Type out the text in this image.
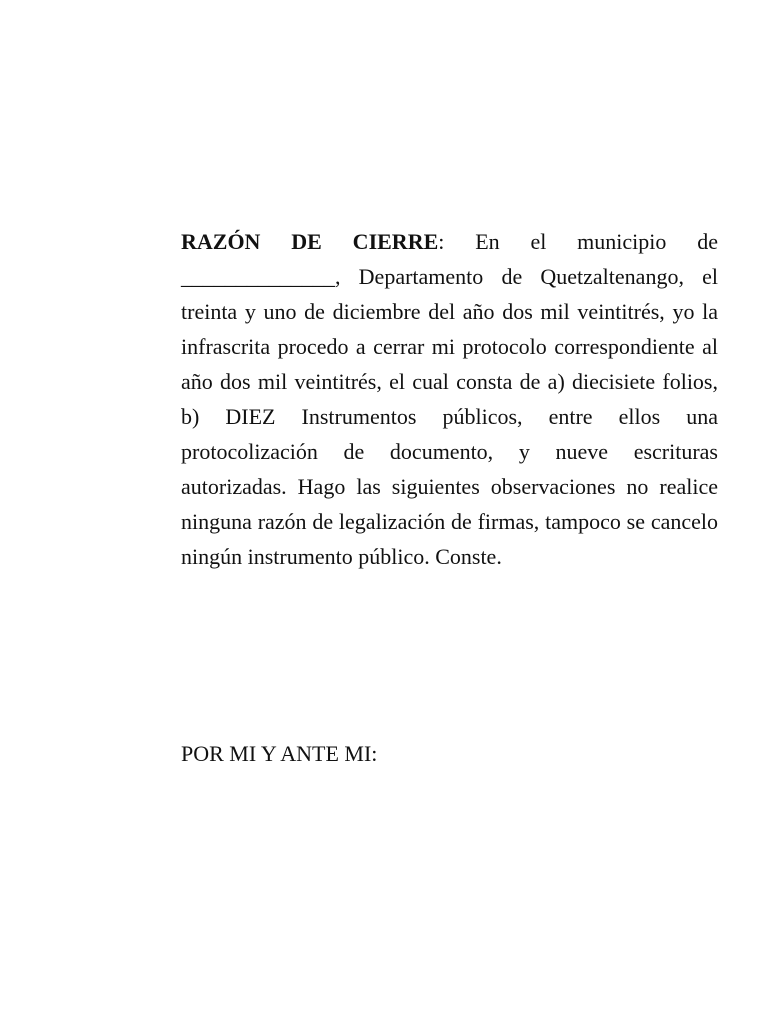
RAZÓN DE CIERRE: En el municipio de ______________, Departamento de Quetzaltenango, el treinta y uno de diciembre del año dos mil veintitrés, yo la infrascrita procedo a cerrar mi protocolo correspondiente al año dos mil veintitrés, el cual consta de a) diecisiete folios, b) DIEZ Instrumentos públicos, entre ellos una protocolización de documento, y nueve escrituras autorizadas. Hago las siguientes observaciones no realice ninguna razón de legalización de firmas, tampoco se cancelo ningún instrumento público. Conste.

POR MI Y ANTE MI:
